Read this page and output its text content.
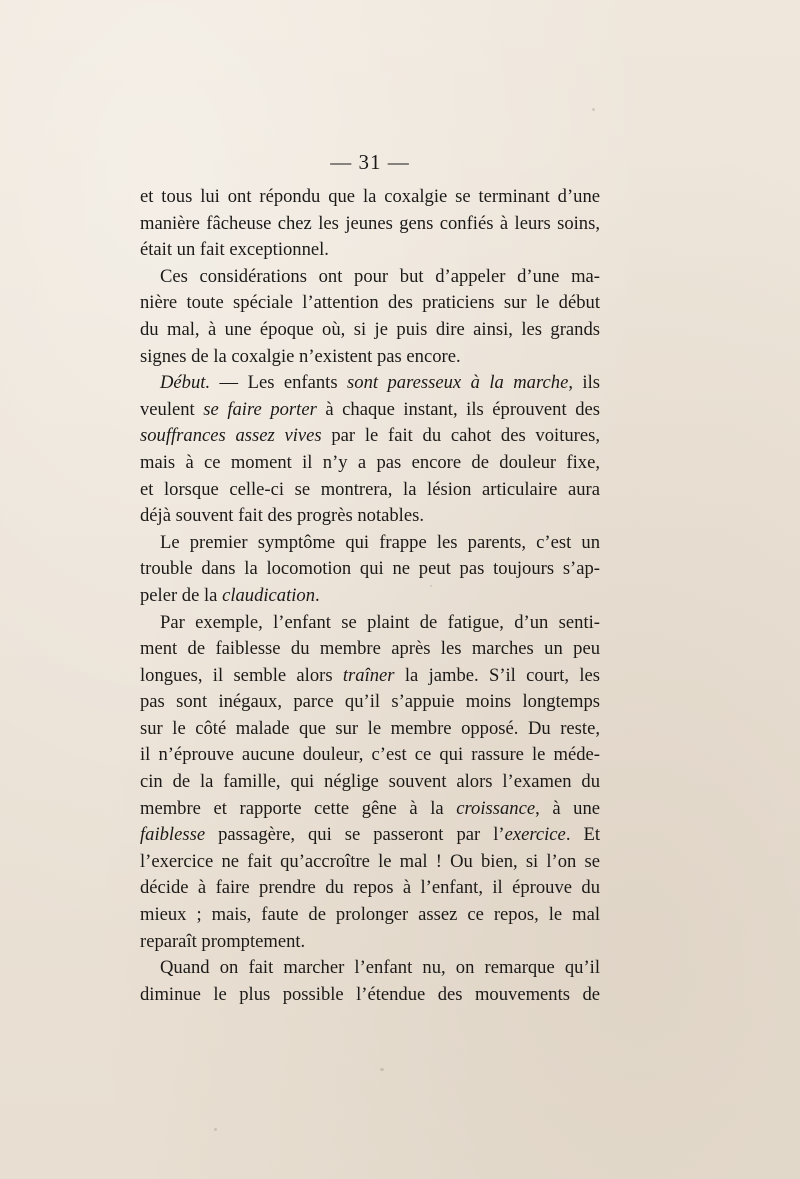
— 31 —
et tous lui ont répondu que la coxalgie se terminant d’une
manière fâcheuse chez les jeunes gens confiés à leurs soins,
était un fait exceptionnel.
Ces considérations ont pour but d’appeler d’une ma-
nière toute spéciale l’attention des praticiens sur le début
du mal, à une époque où, si je puis dire ainsi, les grands
signes de la coxalgie n’existent pas encore.
Début. — Les enfants sont paresseux à la marche, ils
veulent se faire porter à chaque instant, ils éprouvent des
souffrances assez vives par le fait du cahot des voitures,
mais à ce moment il n’y a pas encore de douleur fixe,
et lorsque celle-ci se montrera, la lésion articulaire aura
déjà souvent fait des progrès notables.
Le premier symptôme qui frappe les parents, c’est un
trouble dans la locomotion qui ne peut pas toujours s’ap-
peler de la claudication.
Par exemple, l’enfant se plaint de fatigue, d’un senti-
ment de faiblesse du membre après les marches un peu
longues, il semble alors traîner la jambe. S’il court, les
pas sont inégaux, parce qu’il s’appuie moins longtemps
sur le côté malade que sur le membre opposé. Du reste,
il n’éprouve aucune douleur, c’est ce qui rassure le méde-
cin de la famille, qui néglige souvent alors l’examen du
membre et rapporte cette gêne à la croissance, à une
faiblesse passagère, qui se passeront par l’exercice. Et
l’exercice ne fait qu’accroître le mal ! Ou bien, si l’on se
décide à faire prendre du repos à l’enfant, il éprouve du
mieux ; mais, faute de prolonger assez ce repos, le mal
reparaît promptement.
Quand on fait marcher l’enfant nu, on remarque qu’il
diminue le plus possible l’étendue des mouvements de
